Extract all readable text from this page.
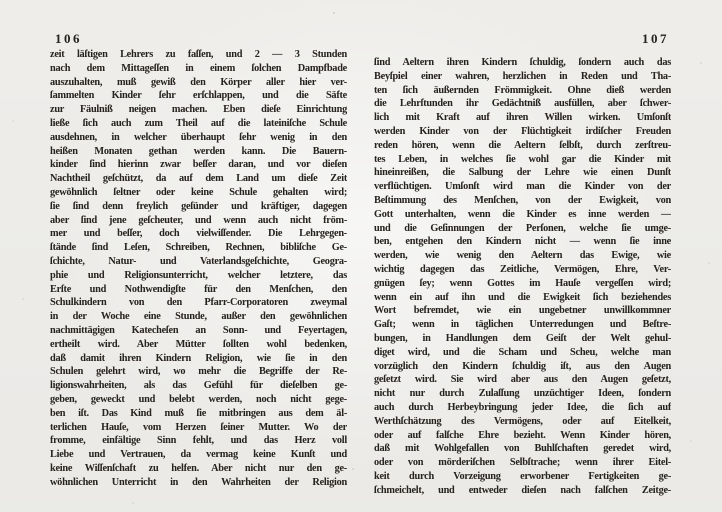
106
zeit läſtigen Lehrers zu faſſen, und 2 — 3 Stunden
nach dem Mittageſſen in einem ſolchen Dampfbade
auszuhalten, muß gewiß den Körper aller hier ver-
ſammelten Kinder ſehr erſchlappen, und die Säfte
zur Fäulniß neigen machen. Eben dieſe Einrichtung
ließe ſich auch zum Theil auf die lateiniſche Schule
ausdehnen, in welcher überhaupt ſehr wenig in den
heißen Monaten gethan werden kann. Die Bauern-
kinder ſind hierinn zwar beſſer daran, und vor dieſen
Nachtheil geſchützt, da auf dem Land um dieſe Zeit
gewöhnlich ſeltner oder keine Schule gehalten wird;
ſie ſind denn freylich geſünder und kräftiger, dagegen
aber ſind jene geſcheuter, und wenn auch nicht fröm-
mer und beſſer, doch vielwiſſender. Die Lehrgegen-
ſtände ſind Leſen, Schreiben, Rechnen, bibliſche Ge-
ſchichte, Natur- und Vaterlandsgeſchichte, Geogra-
phie und Religionsunterricht, welcher letztere, das
Erſte und Nothwendigſte für den Menſchen, den
Schulkindern von den Pfarr-Corporatoren zweymal
in der Woche eine Stunde, außer den gewöhnlichen
nachmittägigen Katecheſen an Sonn- und Feyertagen,
ertheilt wird. Aber Mütter ſollten wohl bedenken,
daß damit ihren Kindern Religion, wie ſie in den
Schulen gelehrt wird, wo mehr die Begriffe der Re-
ligionswahrheiten, als das Gefühl für dieſelben ge-
geben, geweckt und belebt werden, noch nicht gege-
ben iſt. Das Kind muß ſie mitbringen aus dem äl-
terlichen Hauſe, vom Herzen ſeiner Mutter. Wo der
fromme, einfältige Sinn fehlt, und das Herz voll
Liebe und Vertrauen, da vermag keine Kunſt und
keine Wiſſenſchaft zu helfen. Aber nicht nur den ge-
wöhnlichen Unterricht in den Wahrheiten der Religion
107
ſind Aeltern ihren Kindern ſchuldig, ſondern auch das
Beyſpiel einer wahren, herzlichen in Reden und Tha-
ten ſich äußernden Frömmigkeit. Ohne dieß werden
die Lehrſtunden ihr Gedächtniß ausfüllen, aber ſchwer-
lich mit Kraft auf ihren Willen wirken. Umſonſt
werden Kinder von der Flüchtigkeit irdiſcher Freuden
reden hören, wenn die Aeltern ſelbſt, durch zerſtreu-
tes Leben, in welches ſie wohl gar die Kinder mit
hineinreißen, die Salbung der Lehre wie einen Dunſt
verflüchtigen. Umſonſt wird man die Kinder von der
Beſtimmung des Menſchen, von der Ewigkeit, von
Gott unterhalten, wenn die Kinder es inne werden —
und die Geſinnungen der Perſonen, welche ſie umge-
ben, entgehen den Kindern nicht — wenn ſie inne
werden, wie wenig den Aeltern das Ewige, wie
wichtig dagegen das Zeitliche, Vermögen, Ehre, Ver-
gnügen ſey; wenn Gottes im Hauſe vergeſſen wird;
wenn ein auf ihn und die Ewigkeit ſich beziehendes
Wort befremdet, wie ein ungebetner unwillkommner
Gaſt; wenn in täglichen Unterredungen und Beſtre-
bungen, in Handlungen dem Geiſt der Welt gehul-
diget wird, und die Scham und Scheu, welche man
vorzüglich den Kindern ſchuldig iſt, aus den Augen
geſetzt wird. Sie wird aber aus den Augen geſetzt,
nicht nur durch Zulaſſung unzüchtiger Ideen, ſondern
auch durch Herbeybringung jeder Idee, die ſich auf
Werthſchätzung des Vermögens, oder auf Eitelkeit,
oder auf falſche Ehre bezieht. Wenn Kinder hören,
daß mit Wohlgefallen von Buhlſchaften geredet wird,
oder von mörderiſchen Selbſtrache; wenn ihrer Eitel-
keit durch Vorzeigung erworbener Fertigkeiten ge-
ſchmeichelt, und entweder dieſen nach falſchen Zeitge-
